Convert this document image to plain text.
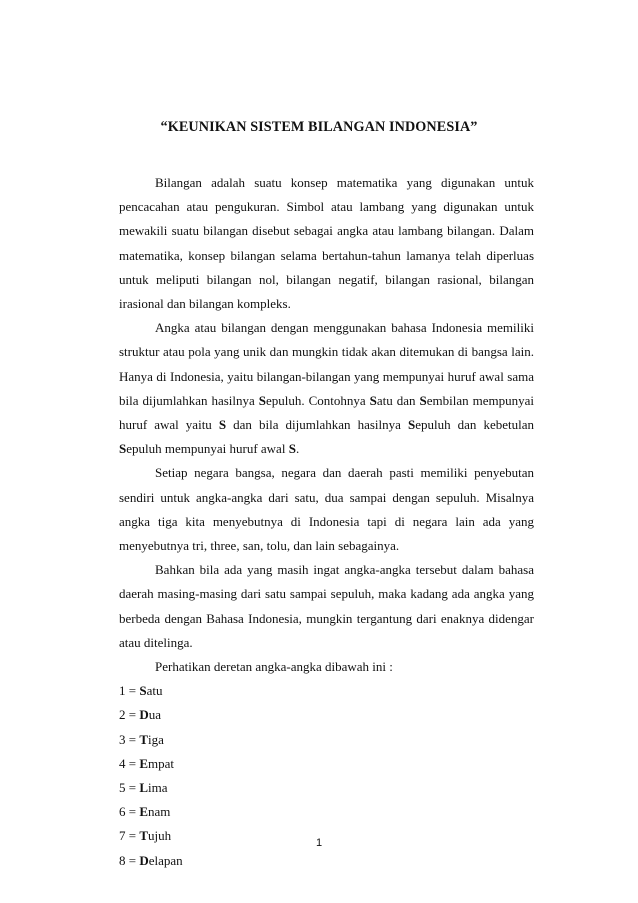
“KEUNIKAN SISTEM BILANGAN INDONESIA”

Bilangan adalah suatu konsep matematika yang digunakan untuk pencacahan atau pengukuran. Simbol atau lambang yang digunakan untuk mewakili suatu bilangan disebut sebagai angka atau lambang bilangan. Dalam matematika, konsep bilangan selama bertahun-tahun lamanya telah diperluas untuk meliputi bilangan nol, bilangan negatif, bilangan rasional, bilangan irasional dan bilangan kompleks.

Angka atau bilangan dengan menggunakan bahasa Indonesia memiliki struktur atau pola yang unik dan mungkin tidak akan ditemukan di bangsa lain. Hanya di Indonesia, yaitu bilangan-bilangan yang mempunyai huruf awal sama bila dijumlahkan hasilnya Sepuluh. Contohnya Satu dan Sembilan mempunyai huruf awal yaitu S dan bila dijumlahkan hasilnya Sepuluh dan kebetulan Sepuluh mempunyai huruf awal S.

Setiap negara bangsa, negara dan daerah pasti memiliki penyebutan sendiri untuk angka-angka dari satu, dua sampai dengan sepuluh. Misalnya angka tiga kita menyebutnya di Indonesia tapi di negara lain ada yang menyebutnya tri, three, san, tolu, dan lain sebagainya.

Bahkan bila ada yang masih ingat angka-angka tersebut dalam bahasa daerah masing-masing dari satu sampai sepuluh, maka kadang ada angka yang berbeda dengan Bahasa Indonesia, mungkin tergantung dari enaknya didengar atau ditelinga.

Perhatikan deretan angka-angka dibawah ini :

1 = Satu
2 = Dua
3 = Tiga
4 = Empat
5 = Lima
6 = Enam
7 = Tujuh
8 = Delapan
1
